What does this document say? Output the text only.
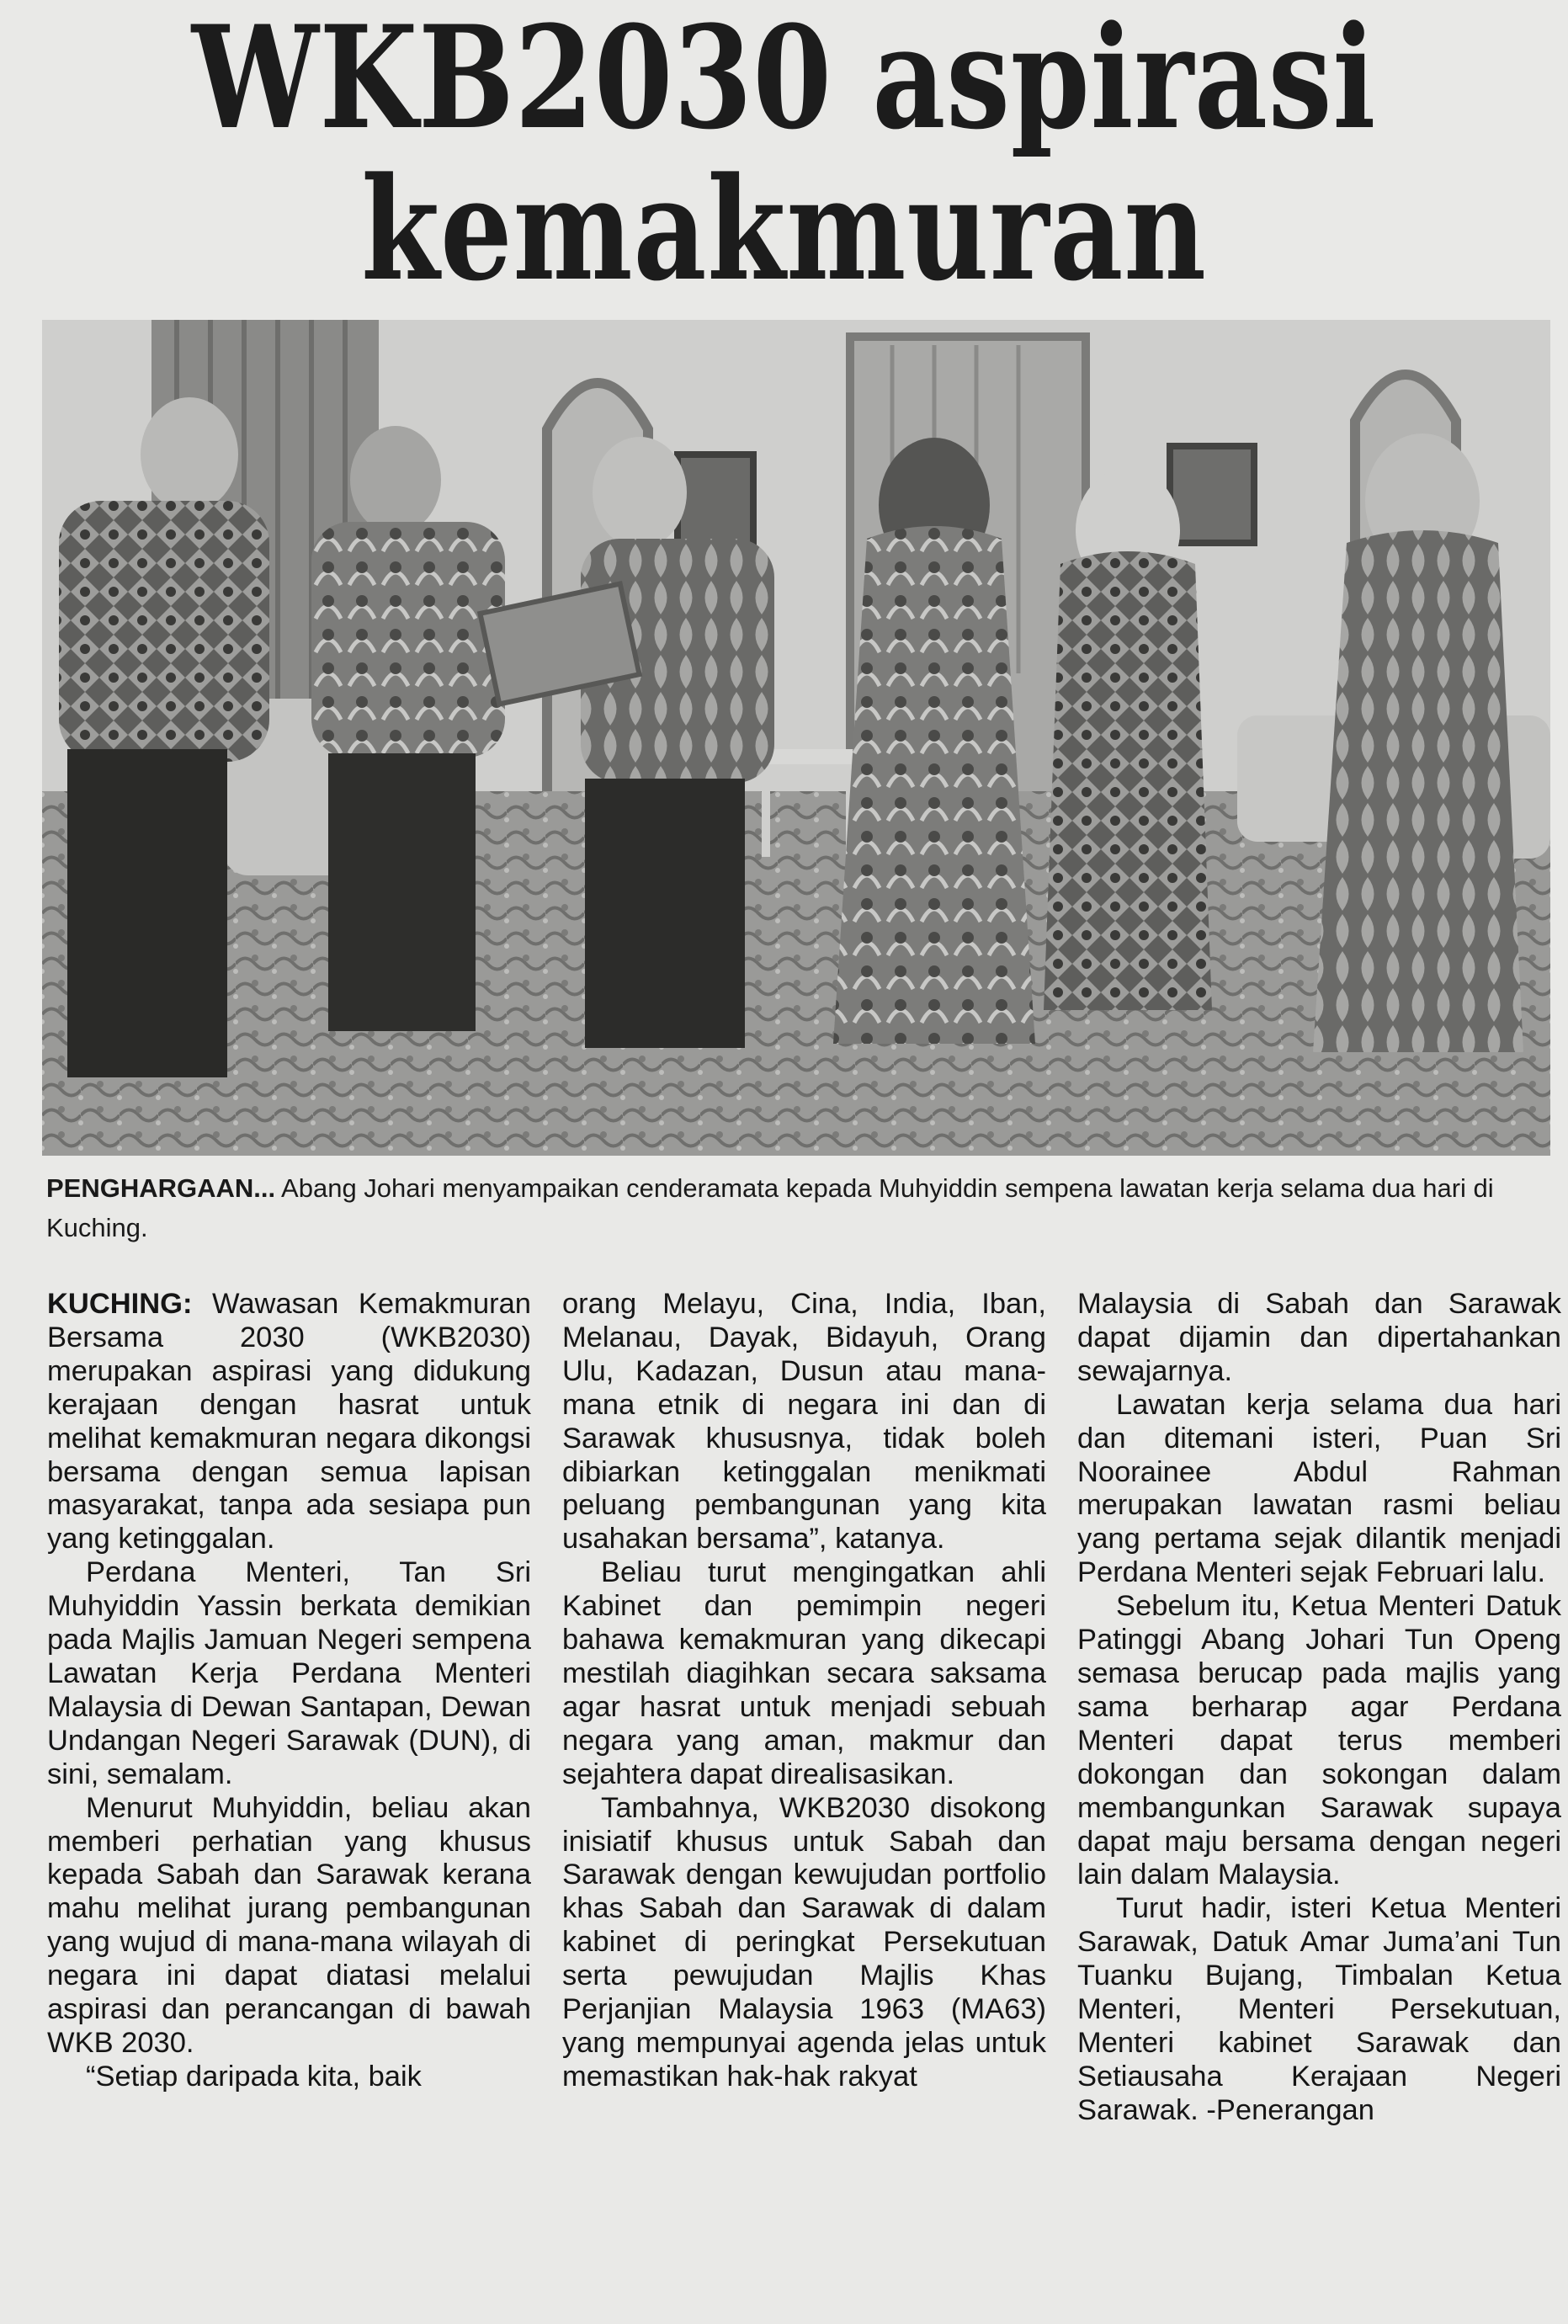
WKB2030 aspirasi
kemakmuran
PENGHARGAAN... Abang Johari menyampaikan cenderamata kepada Muhyiddin sempena lawatan kerja selama dua hari di Kuching.

KUCHING: Wawasan Kemakmuran Bersama 2030 (WKB2030) merupakan aspirasi yang didukung kerajaan dengan hasrat untuk melihat kemakmuran negara dikongsi bersama dengan semua lapisan masyarakat, tanpa ada sesiapa pun yang ketinggalan.

Perdana Menteri, Tan Sri Muhyiddin Yassin berkata demikian pada Majlis Jamuan Negeri sempena Lawatan Kerja Perdana Menteri Malaysia di Dewan Santapan, Dewan Undangan Negeri Sarawak (DUN), di sini, semalam.

Menurut Muhyiddin, beliau akan memberi perhatian yang khusus kepada Sabah dan Sarawak kerana mahu melihat jurang pembangunan yang wujud di mana-mana wilayah di negara ini dapat diatasi melalui aspirasi dan perancangan di bawah WKB 2030.

“Setiap daripada kita, baik

orang Melayu, Cina, India, Iban, Melanau, Dayak, Bidayuh, Orang Ulu, Kadazan, Dusun atau mana-mana etnik di negara ini dan di Sarawak khususnya, tidak boleh dibiarkan ketinggalan menikmati peluang pembangunan yang kita usahakan bersama”, katanya.

Beliau turut mengingatkan ahli Kabinet dan pemimpin negeri bahawa kemakmuran yang dikecapi mestilah diagihkan secara saksama agar hasrat untuk menjadi sebuah negara yang aman, makmur dan sejahtera dapat direalisasikan.

Tambahnya, WKB2030 disokong inisiatif khusus untuk Sabah dan Sarawak dengan kewujudan portfolio khas Sabah dan Sarawak di dalam kabinet di peringkat Persekutuan serta pewujudan Majlis Khas Perjanjian Malaysia 1963 (MA63) yang mempunyai agenda jelas untuk memastikan hak-hak rakyat

Malaysia di Sabah dan Sarawak dapat dijamin dan dipertahankan sewajarnya.

Lawatan kerja selama dua hari dan ditemani isteri, Puan Sri Noorainee Abdul Rahman merupakan lawatan rasmi beliau yang pertama sejak dilantik menjadi Perdana Menteri sejak Februari lalu.

Sebelum itu, Ketua Menteri Datuk Patinggi Abang Johari Tun Openg semasa berucap pada majlis yang sama berharap agar Perdana Menteri dapat terus memberi dokongan dan sokongan dalam membangunkan Sarawak supaya dapat maju bersama dengan negeri lain dalam Malaysia.

Turut hadir, isteri Ketua Menteri Sarawak, Datuk Amar Juma’ani Tun Tuanku Bujang, Timbalan Ketua Menteri, Menteri Persekutuan, Menteri kabinet Sarawak dan Setiausaha Kerajaan Negeri Sarawak. -Penerangan
